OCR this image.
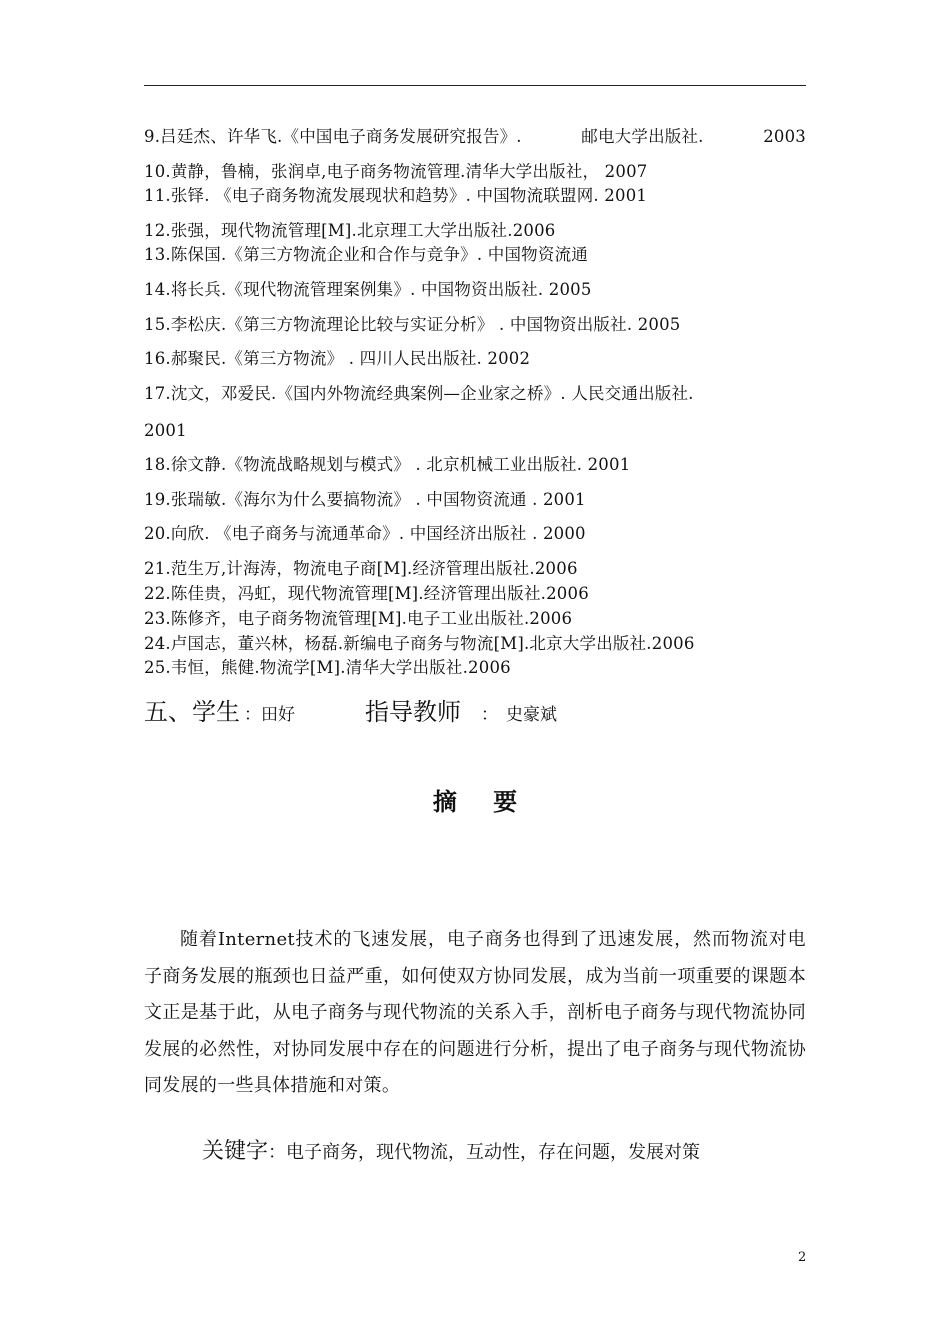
9.吕廷杰、许华飞.《中国电子商务发展研究报告》.	邮电大学出版社.	2003
10.黄静，鲁楠，张润卓,电子商务物流管理.清华大学出版社， 2007
11.张铎. 《电子商务物流发展现状和趋势》. 中国物流联盟网. 2001
12.张强，现代物流管理[M].北京理工大学出版社.2006
13.陈保国.《第三方物流企业和合作与竞争》. 中国物资流通
14.将长兵.《现代物流管理案例集》. 中国物资出版社. 2005
15.李松庆.《第三方物流理论比较与实证分析》 . 中国物资出版社. 2005
16.郝聚民.《第三方物流》 . 四川人民出版社. 2002
17.沈文，邓爱民.《国内外物流经典案例—企业家之桥》. 人民交通出版社.
2001
18.徐文静.《物流战略规划与模式》 . 北京机械工业出版社. 2001
19.张瑞敏.《海尔为什么要搞物流》 . 中国物资流通 . 2001
20.向欣. 《电子商务与流通革命》. 中国经济出版社 . 2000
21.范生万,计海涛，物流电子商[M].经济管理出版社.2006
22.陈佳贵，冯虹，现代物流管理[M].经济管理出版社.2006
23.陈修齐，电子商务物流管理[M].电子工业出版社.2006
24.卢国志，董兴林，杨磊.新编电子商务与物流[M].北京大学出版社.2006
25.韦恒，熊健.物流学[M].清华大学出版社.2006
五、学生 ： 田好	指导教师 ： 史豪斌
摘 要
随着Internet技术的飞速发展，电子商务也得到了迅速发展，然而物流对电子商务发展的瓶颈也日益严重，如何使双方协同发展，成为当前一项重要的课题本文正是基于此，从电子商务与现代物流的关系入手，剖析电子商务与现代物流协同发展的必然性，对协同发展中存在的问题进行分析，提出了电子商务与现代物流协同发展的一些具体措施和对策。
关键字 ： 电子商务，现代物流，互动性，存在问题，发展对策
2
